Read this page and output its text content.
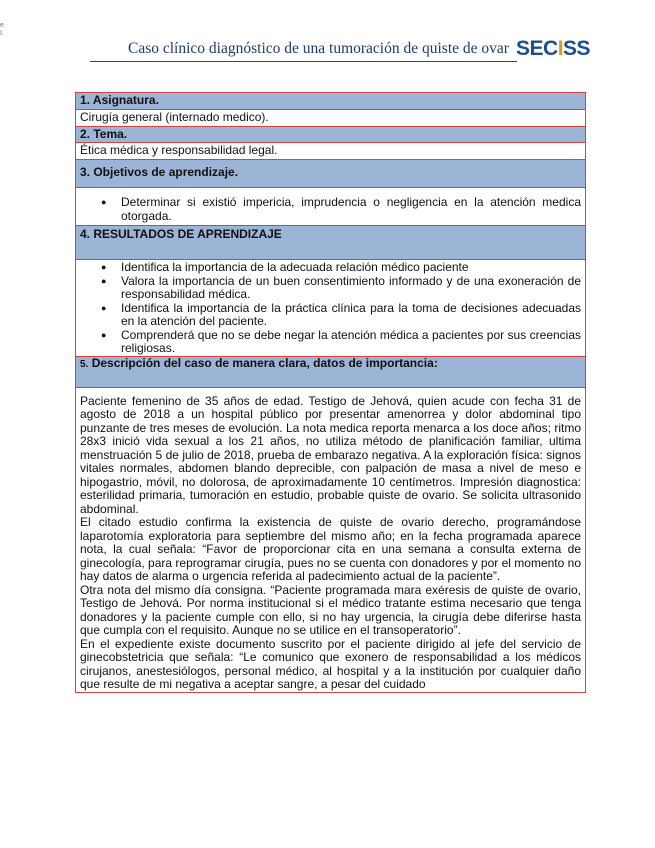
e
I.
Caso clínico diagnóstico de una tumoración de quiste de ovar SECISS
1. Asignatura.
Cirugía general (internado medico).
2. Tema.
Ética médica y responsabilidad legal.
3. Objetivos de aprendizaje.

● Determinar si existió impericia, imprudencia o negligencia en la atención medica otorgada.

4. RESULTADOS DE APRENDIZAJE

● Identifica la importancia de la adecuada relación médico paciente
● Valora la importancia de un buen consentimiento informado y de una exoneración de responsabilidad médica.
● Identifica la importancia de la práctica clínica para la toma de decisiones adecuadas en la atención del paciente.
● Comprenderá que no se debe negar la atención médica a pacientes por sus creencias religiosas.

5. Descripción del caso de manera clara, datos de importancia:

Paciente femenino de 35 años de edad. Testigo de Jehová, quien acude con fecha 31 de agosto de 2018 a un hospital público por presentar amenorrea y dolor abdominal tipo punzante de tres meses de evolución. La nota medica reporta menarca a los doce años; ritmo 28x3 inició vida sexual a los 21 años, no utiliza método de planificación familiar, ultima menstruación 5 de julio de 2018, prueba de embarazo negativa. A la exploración física: signos vitales normales, abdomen blando deprecible, con palpación de masa a nivel de meso e hipogastrio, móvil, no dolorosa, de aproximadamente 10 centímetros. Impresión diagnostica: esterilidad primaria, tumoración en estudio, probable quiste de ovario. Se solicita ultrasonido abdominal.

El citado estudio confirma la existencia de quiste de ovario derecho, programándose laparotomía exploratoria para septiembre del mismo año; en la fecha programada aparece nota, la cual señala: “Favor de proporcionar cita en una semana a consulta externa de ginecología, para reprogramar cirugía, pues no se cuenta con donadores y por el momento no hay datos de alarma o urgencia referida al padecimiento actual de la paciente”.

Otra nota del mismo día consigna. “Paciente programada mara exéresis de quiste de ovario, Testigo de Jehová. Por norma institucional si el médico tratante estima necesario que tenga donadores y la paciente cumple con ello, si no hay urgencia, la cirugía debe diferirse hasta que cumpla con el requisito. Aunque no se utilice en el transoperatorio”.

En el expediente existe documento suscrito por el paciente dirigido al jefe del servicio de ginecobstetricia que señala: “Le comunico que exonero de responsabilidad a los médicos cirujanos, anestesiólogos, personal médico, al hospital y a la institución por cualquier daño que resulte de mi negativa a aceptar sangre, a pesar del cuidado
